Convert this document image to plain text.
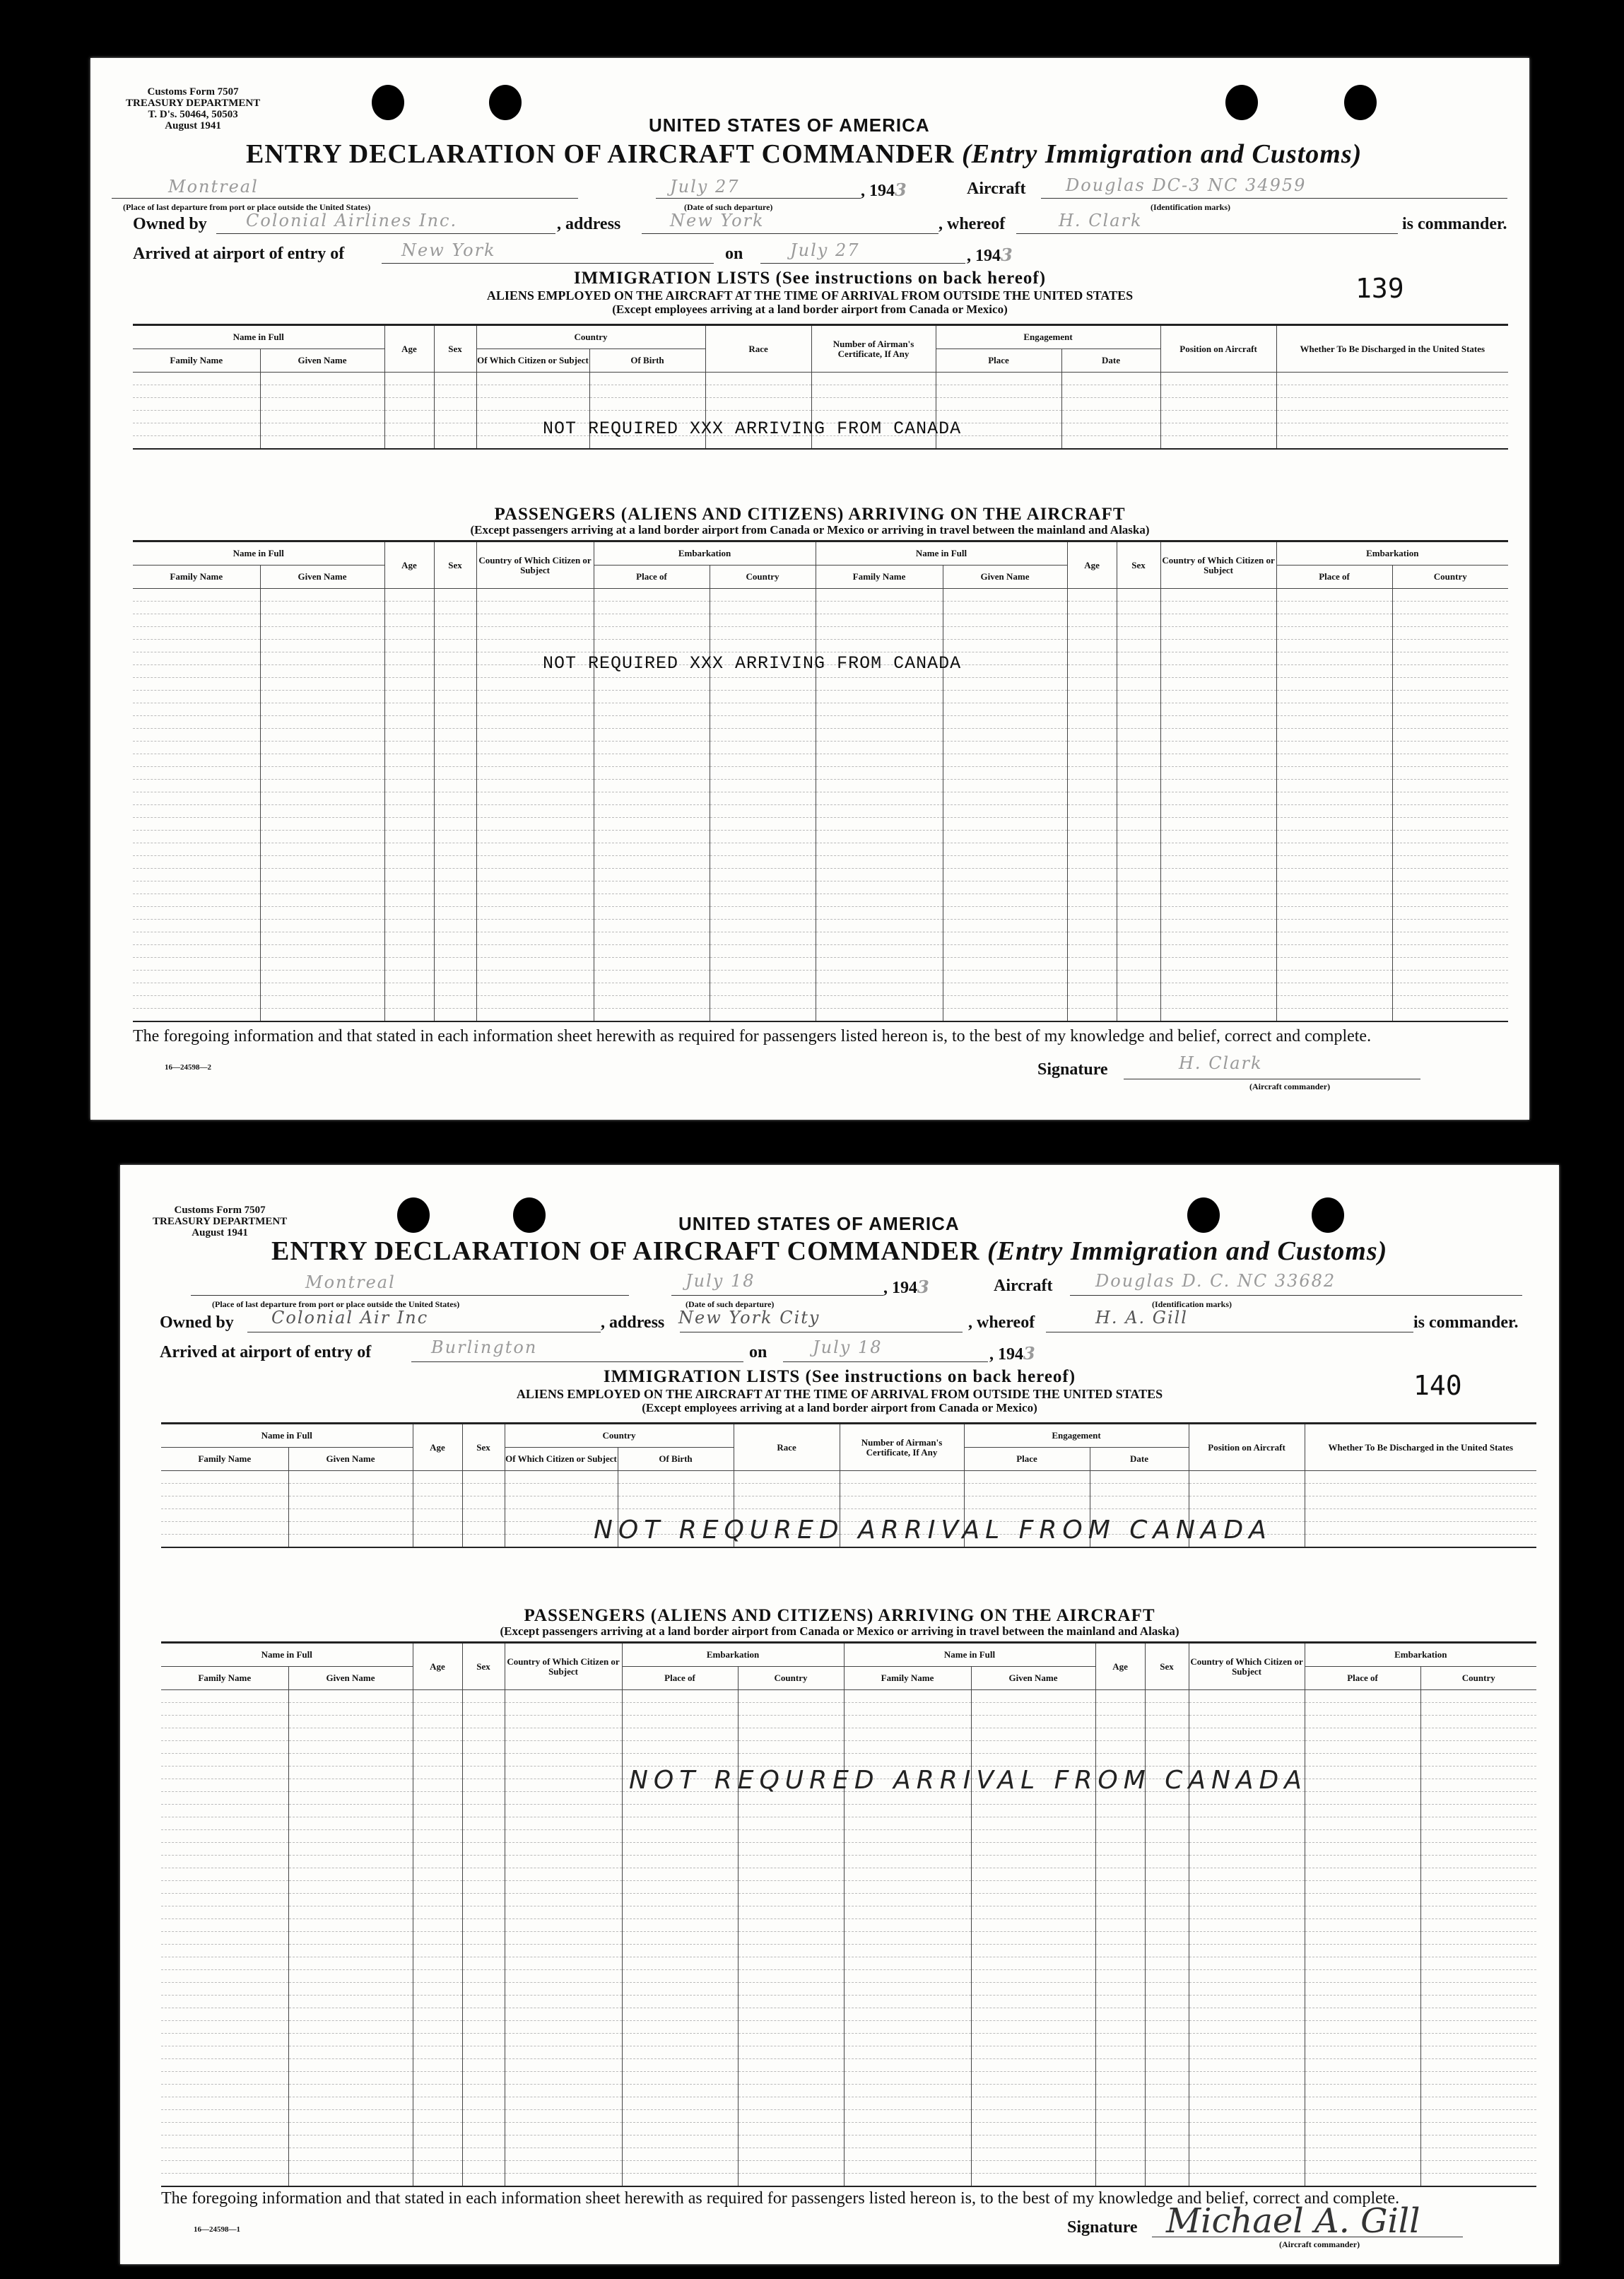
Customs Form 7507
TREASURY DEPARTMENT
T. D's. 50464, 50503
August 1941	UNITED STATES OF AMERICA
ENTRY DECLARATION OF AIRCRAFT COMMANDER (Entry Immigration and Customs)
Montreal
(Place of last departure from port or place outside the United States)
July 27
(Date of such departure)
, 1943	Aircraft Douglas DC-3 NC 34959
(Identification marks)
Owned by Colonial Airlines Inc.	, address	New York	, whereof	H. Clark	is commander.
Arrived at airport of entry of	New York	on	July 27	, 1943
IMMIGRATION LISTS (See instructions on back hereof)
ALIENS EMPLOYED ON THE AIRCRAFT AT THE TIME OF ARRIVAL FROM OUTSIDE THE UNITED STATES
(Except employees arriving at a land border airport from Canada or Mexico)
139
Name in Full		Age	Sex	Country		Race	Number of Airman's Certificate, If Any	Engagement		Position on Aircraft	Whether To Be Discharged in the United States
Family Name	Given Name			Of Which Citizen or Subject	Of Birth			Place	Date		

NOT REQUIRED XXX ARRIVING FROM CANADA
PASSENGERS (ALIENS AND CITIZENS) ARRIVING ON THE AIRCRAFT
(Except passengers arriving at a land border airport from Canada or Mexico or arriving in travel between the mainland and Alaska)
Name in Full		Age	Sex	Country of Which Citizen or Subject	Embarkation		Name in Full		Age	Sex	Country of Which Citizen or Subject	Embarkation	
Family Name	Given Name				Place of	Country	Family Name	Given Name				Place of	Country

NOT REQUIRED XXX ARRIVING FROM CANADA
The foregoing information and that stated in each information sheet herewith as required for passengers listed hereon is, to the best of my knowledge and belief, correct and complete.
16—24598—2	Signature	H. Clark
(Aircraft commander)
Customs Form 7507
TREASURY DEPARTMENT
August 1941	UNITED STATES OF AMERICA
ENTRY DECLARATION OF AIRCRAFT COMMANDER (Entry Immigration and Customs)
Montreal
(Place of last departure from port or place outside the United States)
July 18
(Date of such departure)
, 1943	Aircraft	Douglas D. C. NC 33682
(Identification marks)
Owned by Colonial Air Inc	, address New York City	, whereof	H. A. Gill	is commander.
Arrived at airport of entry of	Burlington	on	July 18	, 1943
IMMIGRATION LISTS (See instructions on back hereof)
ALIENS EMPLOYED ON THE AIRCRAFT AT THE TIME OF ARRIVAL FROM OUTSIDE THE UNITED STATES
(Except employees arriving at a land border airport from Canada or Mexico)
140
Name in Full		Age	Sex	Country		Race	Number of Airman's Certificate, If Any	Engagement		Position on Aircraft	Whether To Be Discharged in the United States
Family Name	Given Name			Of Which Citizen or Subject	Of Birth			Place	Date		

NOT REQURED ARRIVAL FROM CANADA
PASSENGERS (ALIENS AND CITIZENS) ARRIVING ON THE AIRCRAFT
(Except passengers arriving at a land border airport from Canada or Mexico or arriving in travel between the mainland and Alaska)
Name in Full		Age	Sex	Country of Which Citizen or Subject	Embarkation		Name in Full		Age	Sex	Country of Which Citizen or Subject	Embarkation	
Family Name	Given Name				Place of	Country	Family Name	Given Name				Place of	Country

NOT REQURED ARRIVAL FROM CANADA
The foregoing information and that stated in each information sheet herewith as required for passengers listed hereon is, to the best of my knowledge and belief, correct and complete.
16—24598—1	Signature Michael A. Gill
(Aircraft commander)
